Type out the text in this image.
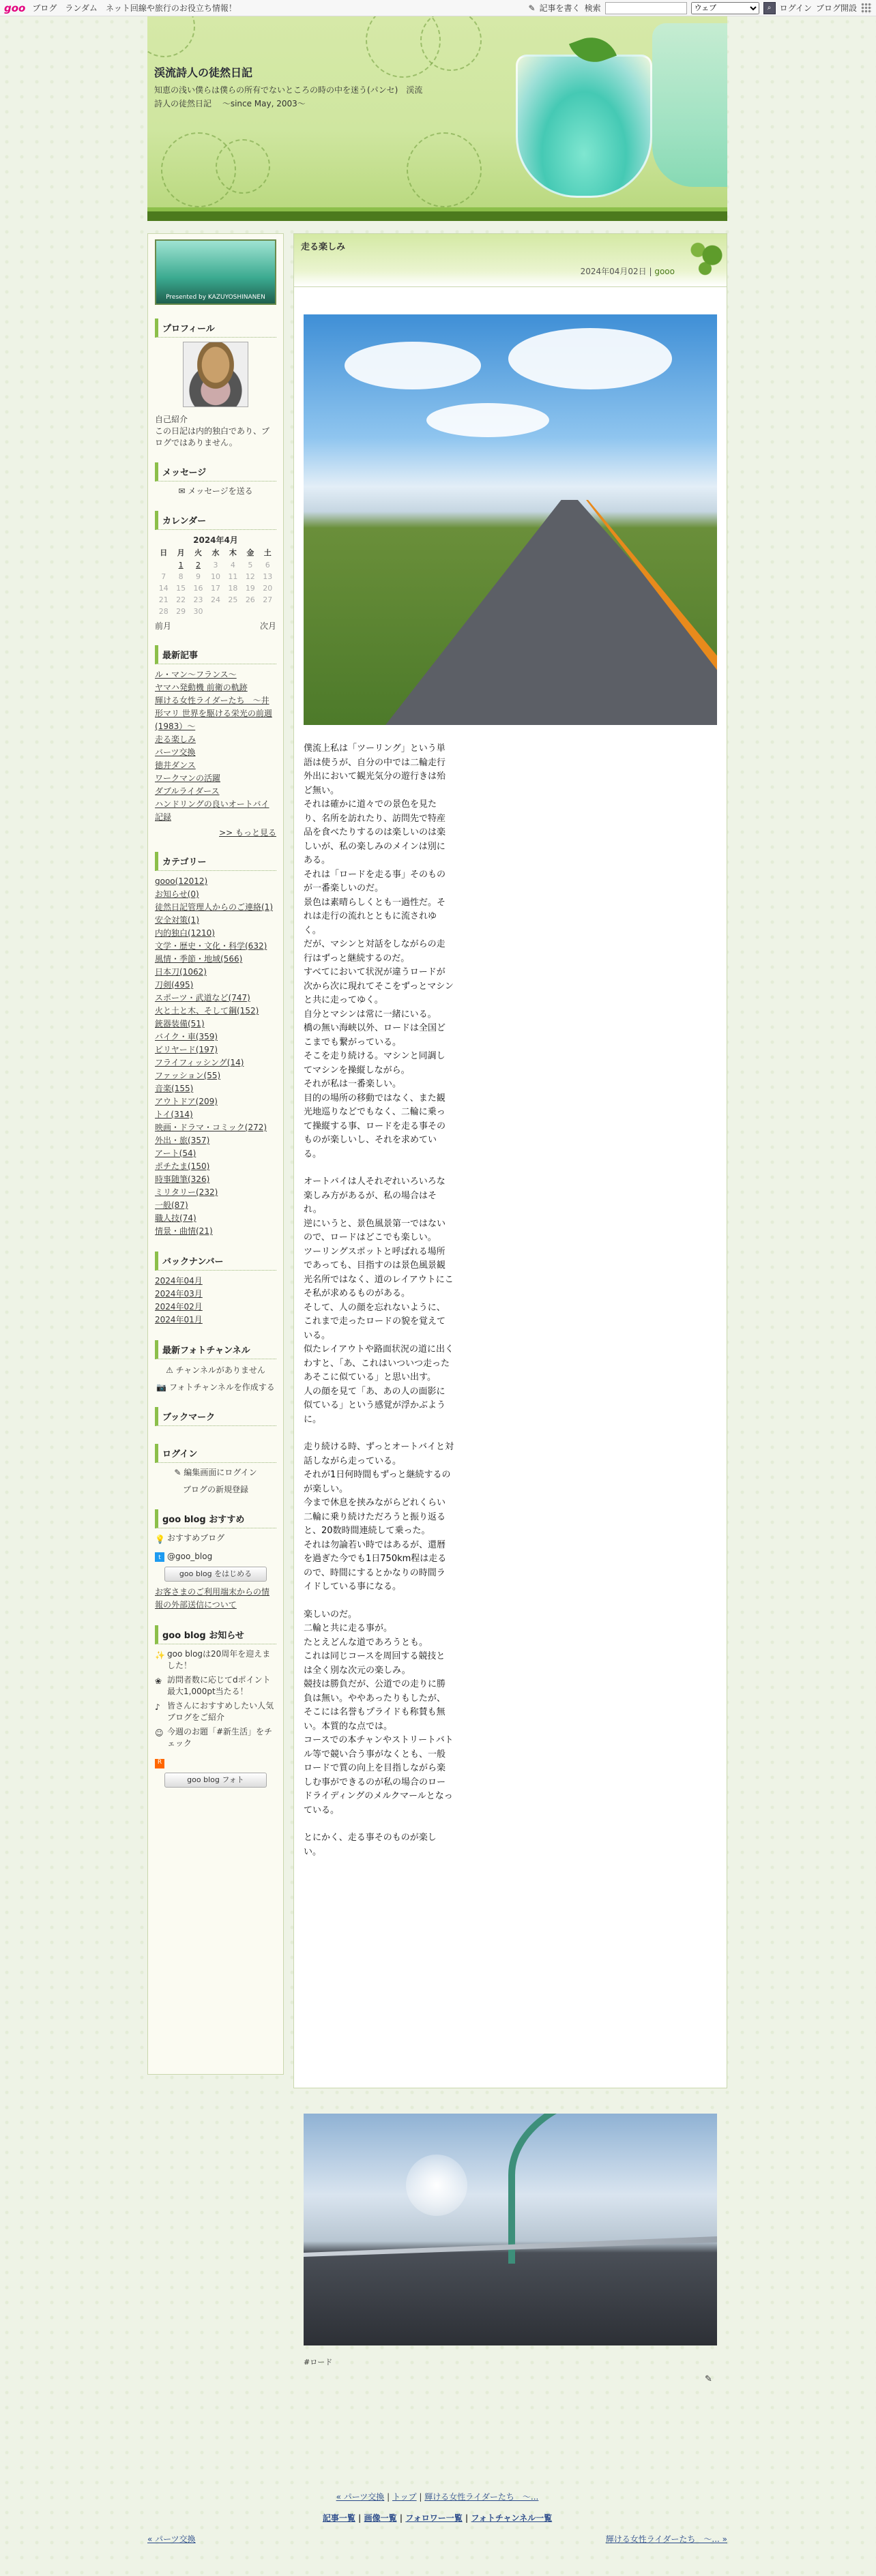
goo ブログ ランダム ネット回線や旅行のお役立ち情報！	✎ 記事を書く 検索
ウェブ	⌕	ログイン ブログ開設
渓流詩人の徒然日記
知恵の浅い僕らは僕らの所有でないところの時の中を迷う(パンセ)　渓流詩人の徒然日記　 〜since May, 2003〜
Presented by KAZUYOSHINANEN
プロフィール
自己紹介
この日記は内的独白であり、ブログではありません。
メッセージ
✉ メッセージを送る
カレンダー
2024年4月
日	月	火	水	木	金	土
	1	2	3	4	5	6
7	8	9	10	11	12	13
14	15	16	17	18	19	20
21	22	23	24	25	26	27
28	29	30				
前月	次月
最新記事
ル・マン〜フランス〜
ヤマハ発動機 前衛の軌跡
輝ける女性ライダーたち　〜井形マリ 世界を駆ける栄光の前週(1983）〜
走る楽しみ
バーツ交換
徳井ダンス
ワークマンの活躍
ダブルライダース
ハンドリングの良いオートバイ
記録
>> もっと見る
カテゴリー
gooo(12012)
お知らせ(0)
徒然日記管理人からのご連絡(1)
安全対策(1)
内的独白(1210)
文学・歴史・文化・科学(632)
風情・季節・地域(566)
日本刀(1062)
刀剣(495)
スポーツ・武道など(747)
火と土と木、そして鋼(152)
銃器装備(51)
バイク・車(359)
ビリヤード(197)
フライフィッシング(14)
ファッション(55)
音楽(155)
アウトドア(209)
トイ(314)
映画・ドラマ・コミック(272)
外出・旅(357)
アート(54)
ポチたま(150)
時事随筆(326)
ミリタリー(232)
一般(87)
職人技(74)
情景・曲情(21)
バックナンバー
2024年04月
2024年03月
2024年02月
2024年01月
最新フォトチャンネル
⚠ チャンネルがありません
📷 フォトチャンネルを作成する
ブックマーク
ログイン
✎ 編集画面にログイン
ブログの新規登録
goo blog おすすめ
💡 おすすめブログ
t @goo_blog
goo blog をはじめる
お客さまのご利用端末からの情報の外部送信について
goo blog お知らせ
✨ goo blogは20周年を迎えました！
❀ 訪問者数に応じてdポイント最大1,000pt当たる！
♪ 皆さんにおすすめしたい人気ブログをご紹介
☺ 今週のお題「#新生活」をチェック
R
goo blog フォト
走る楽しみ
2024年04月02日 | gooo

僕流上私は「ツーリング」という単語は使うが、自分の中では二輪走行外出において観光気分の遊行きは殆ど無い。
それは確かに道々での景色を見たり、名所を訪れたり、訪問先で特産品を食べたりするのは楽しいのは楽しいが、私の楽しみのメインは別にある。
それは「ロードを走る事」そのものが一番楽しいのだ。
景色は素晴らしくとも一過性だ。それは走行の流れとともに流されゆく。
だが、マシンと対話をしながらの走行はずっと継続するのだ。
すべてにおいて状況が違うロードが次から次に現れてそこをずっとマシンと共に走ってゆく。
自分とマシンは常に一緒にいる。
橋の無い海峡以外、ロードは全国どこまでも繋がっている。
そこを走り続ける。マシンと同調してマシンを操縦しながら。
それが私は一番楽しい。
目的の場所の移動ではなく、また観光地巡りなどでもなく、二輪に乗って操縦する事、ロードを走る事そのものが楽しいし、それを求めている。

オートバイは人それぞれいろいろな楽しみ方があるが、私の場合はそれ。
逆にいうと、景色風景第一ではないので、ロードはどこでも楽しい。
ツーリングスポットと呼ばれる場所であっても、目指すのは景色風景観光名所ではなく、道のレイアウトにこそ私が求めるものがある。
そして、人の顔を忘れないように、これまで走ったロードの貌を覚えている。
似たレイアウトや路面状況の道に出くわすと、「あ、これはいついつ走ったあそこに似ている」と思い出す。
人の顔を見て「あ、あの人の面影に似ている」という感覚が浮かぶように。

走り続ける時、ずっとオートバイと対話しながら走っている。
それが1日何時間もずっと継続するのが楽しい。
今まで休息を挟みながらどれくらい二輪に乗り続けただろうと振り返ると、20数時間連続して乗った。
それは勿論若い時ではあるが、還暦を過ぎた今でも1日750km程は走るので、時間にするとかなりの時間ライドしている事になる。

楽しいのだ。
二輪と共に走る事が。
たとえどんな道であろうとも。
これは同じコースを周回する競技とは全く別な次元の楽しみ。
競技は勝負だが、公道での走りに勝負は無い。ややあったりもしたが、そこには名誉もプライドも称賛も無い。本質的な点では。
コースでの本チャンやストリートバトル等で競い合う事がなくとも、一般ロードで質の向上を目指しながら楽しむ事ができるのが私の場合のロードライディングのメルクマールとなっている。

とにかく、走る事そのものが楽しい。

#ロード
✎
« パーツ交換 | トップ | 輝ける女性ライダーたち　〜...
記事一覧 | 画像一覧 | フォロワー一覧 | フォトチャンネル一覧
« パーツ交換	輝ける女性ライダーたち　〜... »
